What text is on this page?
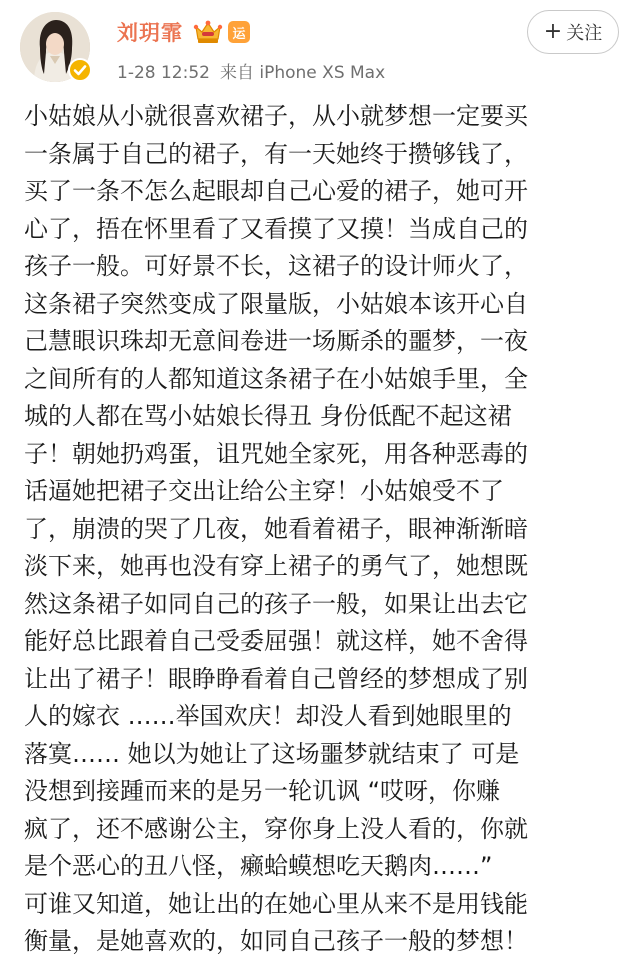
刘玥霏	运
1-28 12:52 来自 iPhone XS Max
+ 关注
小姑娘从小就很喜欢裙子，从小就梦想一定要买
一条属于自己的裙子，有一天她终于攒够钱了，
买了一条不怎么起眼却自己心爱的裙子，她可开
心了，捂在怀里看了又看摸了又摸！当成自己的
孩子一般。可好景不长，这裙子的设计师火了，
这条裙子突然变成了限量版，小姑娘本该开心自
己慧眼识珠却无意间卷进一场厮杀的噩梦，一夜
之间所有的人都知道这条裙子在小姑娘手里，全
城的人都在骂小姑娘长得丑 身份低配不起这裙
子！朝她扔鸡蛋，诅咒她全家死，用各种恶毒的
话逼她把裙子交出让给公主穿！小姑娘受不了
了，崩溃的哭了几夜，她看着裙子，眼神渐渐暗
淡下来，她再也没有穿上裙子的勇气了，她想既
然这条裙子如同自己的孩子一般，如果让出去它
能好总比跟着自己受委屈强！就这样，她不舍得
让出了裙子！眼睁睁看着自己曾经的梦想成了别
人的嫁衣 ……举国欢庆！却没人看到她眼里的
落寞…… 她以为她让了这场噩梦就结束了 可是
没想到接踵而来的是另一轮讥讽 “哎呀，你赚
疯了，还不感谢公主，穿你身上没人看的，你就
是个恶心的丑八怪，癞蛤蟆想吃天鹅肉……”
可谁又知道，她让出的在她心里从来不是用钱能
衡量，是她喜欢的，如同自己孩子一般的梦想！
